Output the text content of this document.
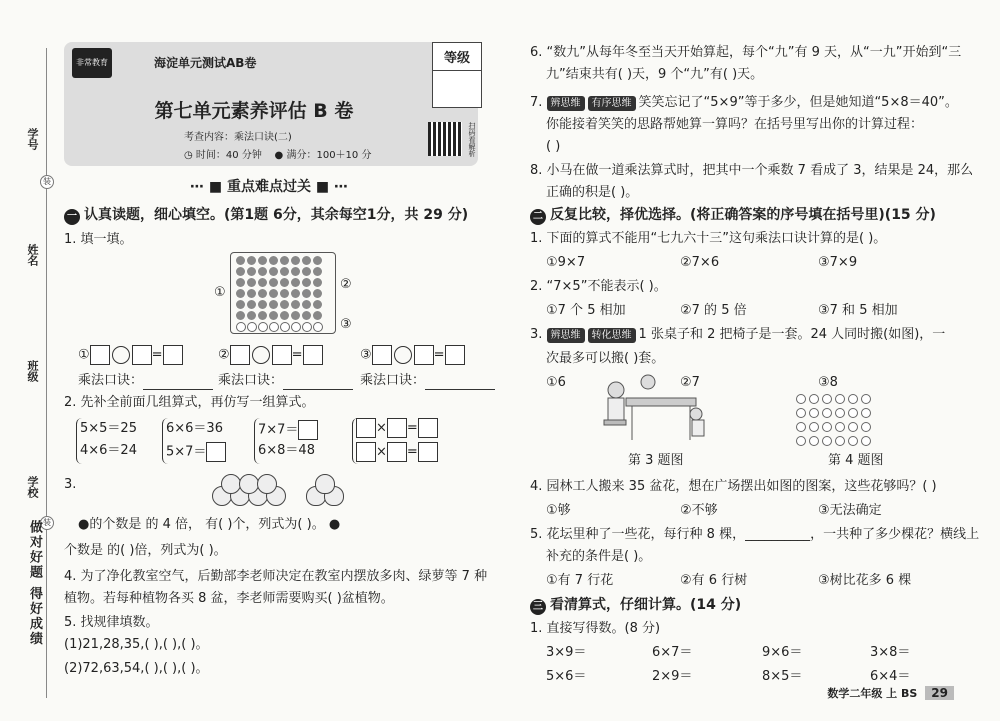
学号
装
姓名
班级
学校
装
做对好题 得好成绩
非常教育	海淀单元测试AB卷
第七单元素养评估 B 卷
考查内容：乘法口诀(二)
◷ 时间：40 分钟 ● 满分：100＋10 分	扫码看解析
等级
⋯ ■ 重点难点过关 ■ ⋯
一 认真读题，细心填空。(第1题 6分，其余每空1分，共 29 分)
1. 填一填。
①
②
③
①	=	②	=	③	=
乘法口诀：	乘法口诀：	乘法口诀：
2. 先补全前面几组算式，再仿写一组算式。
5×5＝25
4×6＝24
6×6＝36
5×7＝
7×7＝
6×8＝48
× =
× =
3.
●的个数是 的 4 倍， 有( )个，列式为( )。 ●
个数是 的( )倍，列式为( )。
4. 为了净化教室空气，后勤部李老师决定在教室内摆放多肉、绿萝等 7 种
植物。若每种植物各买 8 盆，李老师需要购买( )盆植物。
5. 找规律填数。
(1)21,28,35,( ),( ),( )。
(2)72,63,54,( ),( ),( )。
6. “数九”从每年冬至当天开始算起，每个“九”有 9 天，从“一九”开始到“三
九”结束共有( )天，9 个“九”有( )天。
7. 辨思维 有序思维 笑笑忘记了“5×9”等于多少，但是她知道“5×8＝40”。
你能接着笑笑的思路帮她算一算吗？在括号里写出你的计算过程：
( )
8. 小马在做一道乘法算式时，把其中一个乘数 7 看成了 3，结果是 24，那么
正确的积是( )。
二 反复比较，择优选择。(将正确答案的序号填在括号里)(15 分)
1. 下面的算式不能用“七九六十三”这句乘法口诀计算的是( )。
①9×7	②7×6	③7×9
2. “7×5”不能表示( )。
①7 个 5 相加	②7 的 5 倍	③7 和 5 相加
3. 辨思维 转化思维 1 张桌子和 2 把椅子是一套。24 人同时搬(如图)，一
次最多可以搬( )套。
①6	②7	③8
第 3 题图	第 4 题图
4. 园林工人搬来 35 盆花，想在广场摆出如图的图案，这些花够吗？( )
①够	②不够	③无法确定
5. 花坛里种了一些花，每行种 8 棵，__________，一共种了多少棵花？横线上
补充的条件是( )。
①有 7 行花	②有 6 行树	③树比花多 6 棵
三 看清算式，仔细计算。(14 分)
1. 直接写得数。(8 分)
3×9＝	6×7＝	9×6＝	3×8＝
5×6＝	2×9＝	8×5＝	6×4＝
数学二年级 上 BS 29
